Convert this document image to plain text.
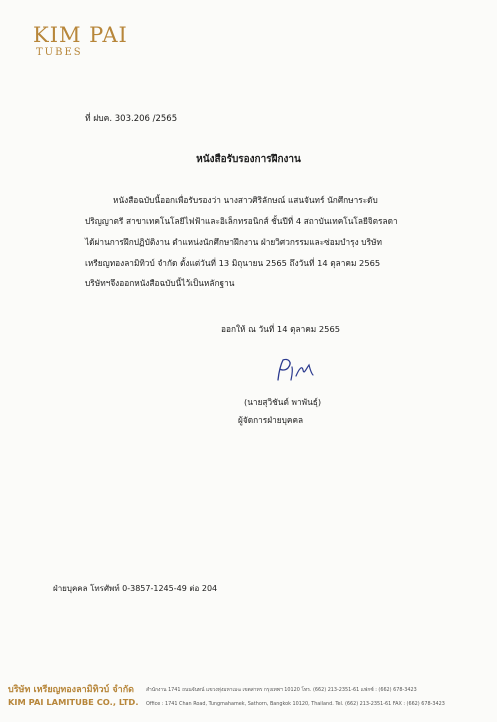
KIM PAI
TUBES
ที่ ฝบค. 303.206 /2565
หนังสือรับรองการฝึกงาน
หนังสือฉบับนี้ออกเพื่อรับรองว่า นางสาวศิริลักษณ์ แสนจันทร์ นักศึกษาระดับ
ปริญญาตรี สาขาเทคโนโลยีไฟฟ้าและอิเล็กทรอนิกส์ ชั้นปีที่ 4 สถาบันเทคโนโลยีจิตรลดา
ได้ผ่านการฝึกปฏิบัติงาน ตำแหน่งนักศึกษาฝึกงาน ฝ่ายวิศวกรรมและซ่อมบำรุง บริษัท
เหรียญทองลามิทิวบ์ จำกัด ตั้งแต่วันที่ 13 มิถุนายน 2565 ถึงวันที่ 14 ตุลาคม 2565
บริษัทฯจึงออกหนังสือฉบับนี้ไว้เป็นหลักฐาน
ออกให้ ณ วันที่ 14 ตุลาคม 2565
(นายสุวิชันต์ พาพันธุ์)
ผู้จัดการฝ่ายบุคคล
ฝ่ายบุคคล โทรศัพท์ 0-3857-1245-49 ต่อ 204
บริษัท เหรียญทองลามิทิวบ์ จำกัด
KIM PAI LAMITUBE CO., LTD.
สำนักงาน 1741 ถนนจันทน์ แขวงทุ่งมหาเมฆ เขตสาทร กรุงเทพฯ 10120 โทร. (662) 213-2351-61 แฟกซ์ : (662) 678-3423
Office : 1741 Chan Road, Tungmahamek, Sathorn, Bangkok 10120, Thailand. Tel. (662) 213-2351-61 FAX : (662) 678-3423
